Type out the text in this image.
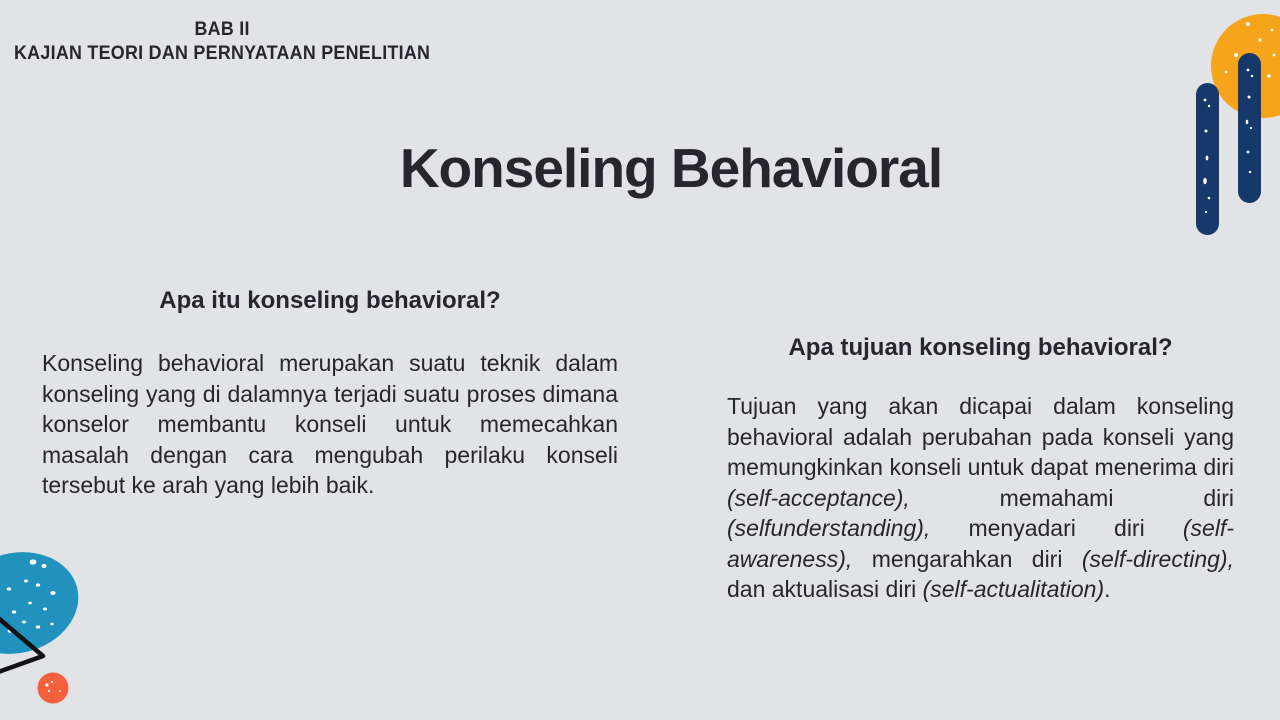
BAB II
KAJIAN TEORI DAN PERNYATAAN PENELITIAN
Konseling Behavioral
Apa itu konseling behavioral?

Konseling behavioral merupakan suatu teknik dalam konseling yang di dalamnya terjadi suatu proses dimana konselor membantu konseli untuk memecahkan masalah dengan cara mengubah perilaku konseli tersebut ke arah yang lebih baik.

Apa tujuan konseling behavioral?

Tujuan yang akan dicapai dalam konseling behavioral adalah perubahan pada konseli yang memungkinkan konseli untuk dapat menerima diri (self-acceptance), memahami diri (selfunderstanding), menyadari diri (self-awareness), mengarahkan diri (self-directing), dan aktualisasi diri (self-actualitation).
